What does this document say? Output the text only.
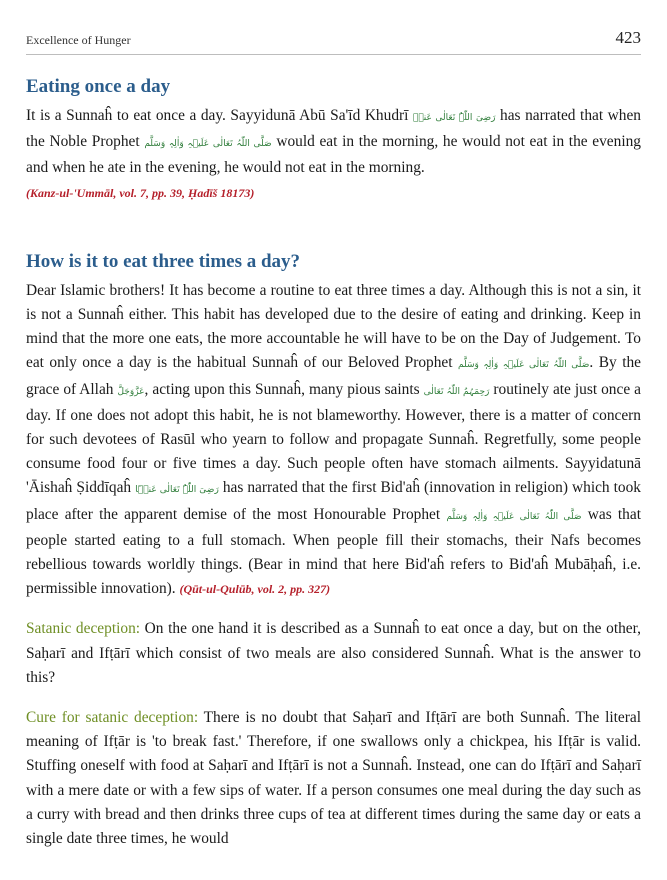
Excellence of Hunger	423
Eating once a day

It is a Sunnaĥ to eat once a day. Sayyidunā Abū Sa'īd Khudrī رَضِیَ اللّٰہُ تَعَالٰی عَنۡہ has narrated that when the Noble Prophet صَلَّی اللّٰہُ تَعَالٰی عَلَیۡہِ وَاٰلِہٖ وَسَلَّم would eat in the morning, he would not eat in the evening and when he ate in the evening, he would not eat in the morning.
(Kanz-ul-'Ummāl, vol. 7, pp. 39, Ḥadīš 18173)

How is it to eat three times a day?

Dear Islamic brothers! It has become a routine to eat three times a day. Although this is not a sin, it is not a Sunnaĥ either. This habit has developed due to the desire of eating and drinking. Keep in mind that the more one eats, the more accountable he will have to be on the Day of Judgement. To eat only once a day is the habitual Sunnaĥ of our Beloved Prophet صَلَّی اللّٰہُ تَعَالٰی عَلَیۡہِ وَاٰلِہٖ وَسَلَّم. By the grace of Allah عَزَّوَجَلَّ, acting upon this Sunnaĥ, many pious saints رَحِمَہُمُ اللّٰہُ تَعَالٰی routinely ate just once a day. If one does not adopt this habit, he is not blameworthy. However, there is a matter of concern for such devotees of Rasūl who yearn to follow and propagate Sunnaĥ. Regretfully, some people consume food four or five times a day. Such people often have stomach ailments. Sayyidatunā 'Āishaĥ Ṣiddīqaĥ رَضِیَ اللّٰہُ تَعَالٰی عَنۡہَا has narrated that the first Bid'aĥ (innovation in religion) which took place after the apparent demise of the most Honourable Prophet صَلَّی اللّٰہُ تَعَالٰی عَلَیۡہِ وَاٰلِہٖ وَسَلَّم was that people started eating to a full stomach. When people fill their stomachs, their Nafs becomes rebellious towards worldly things. (Bear in mind that here Bid'aĥ refers to Bid'aĥ Mubāḥaĥ, i.e. permissible innovation). (Qūt-ul-Qulūb, vol. 2, pp. 327)

Satanic deception: On the one hand it is described as a Sunnaĥ to eat once a day, but on the other, Saḥarī and Ifṭārī which consist of two meals are also considered Sunnaĥ. What is the answer to this?

Cure for satanic deception: There is no doubt that Saḥarī and Ifṭārī are both Sunnaĥ. The literal meaning of Ifṭār is 'to break fast.' Therefore, if one swallows only a chickpea, his Ifṭār is valid. Stuffing oneself with food at Saḥarī and Ifṭārī is not a Sunnaĥ. Instead, one can do Ifṭārī and Saḥarī with a mere date or with a few sips of water. If a person consumes one meal during the day such as a curry with bread and then drinks three cups of tea at different times during the same day or eats a single date three times, he would
